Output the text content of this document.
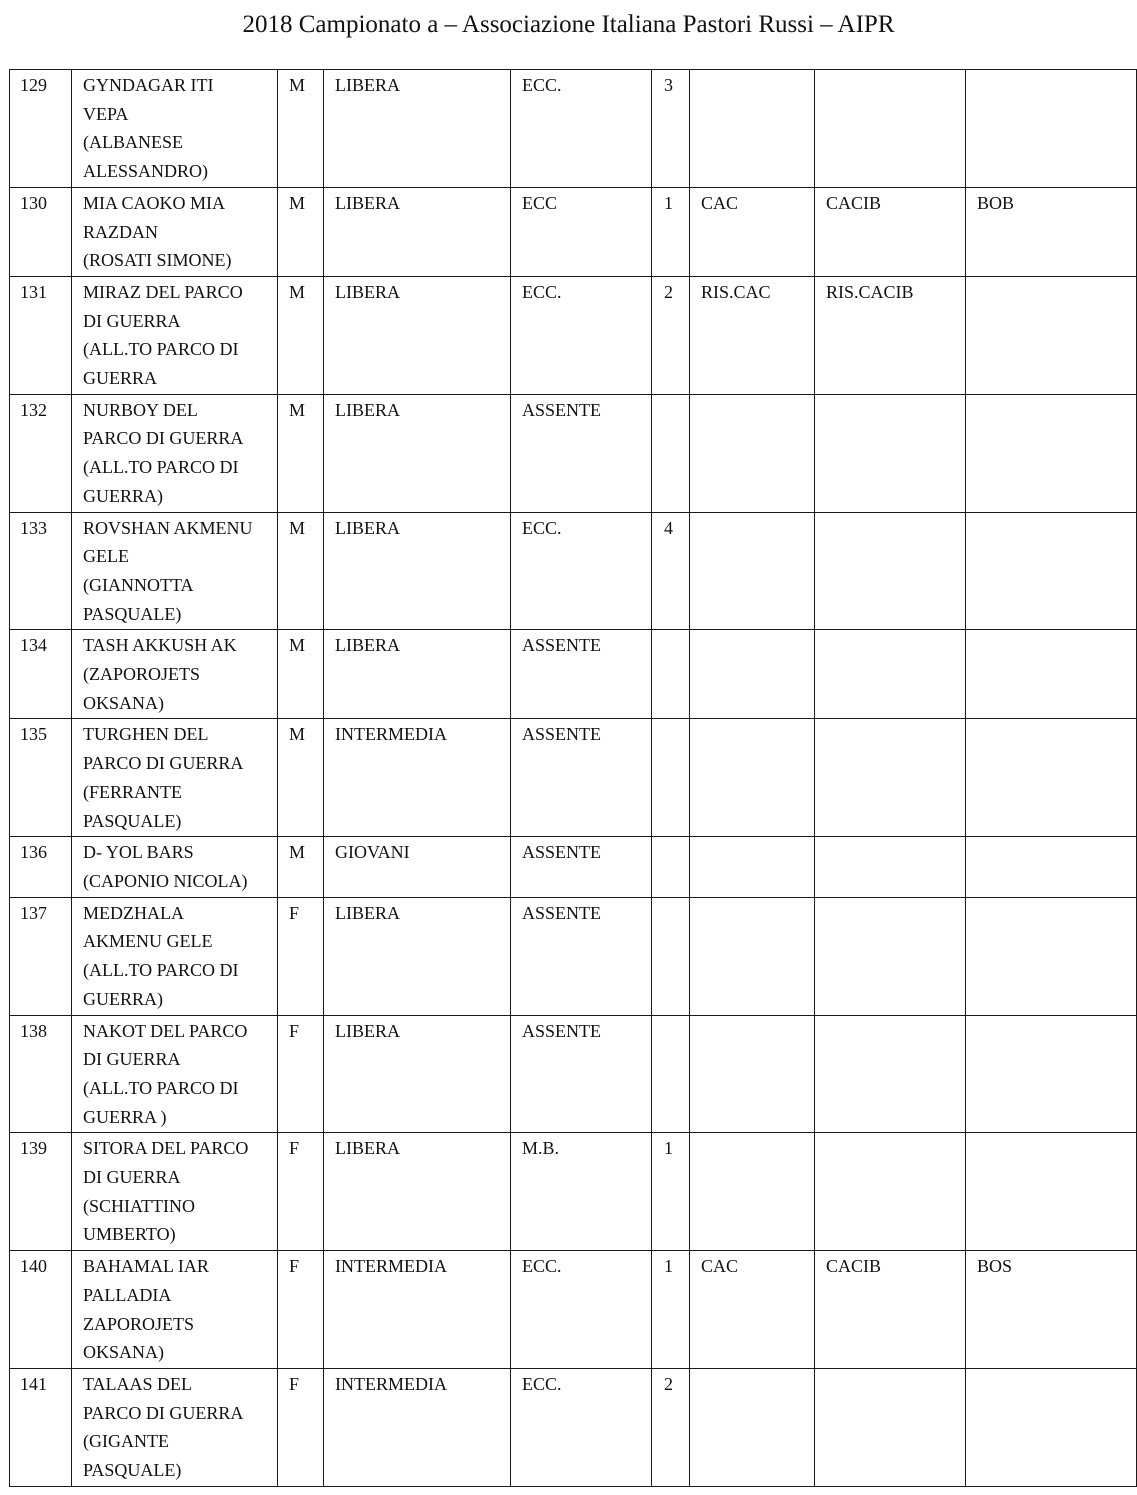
2018 Campionato a – Associazione Italiana Pastori Russi – AIPR
129	GYNDAGAR ITI
VEPA
(ALBANESE
ALESSANDRO)	M	LIBERA	ECC.	3			
130	MIA CAOKO MIA
RAZDAN
(ROSATI SIMONE)	M	LIBERA	ECC	1	CAC	CACIB	BOB
131	MIRAZ DEL PARCO
DI GUERRA
(ALL.TO PARCO DI
GUERRA	M	LIBERA	ECC.	2	RIS.CAC	RIS.CACIB	
132	NURBOY DEL
PARCO DI GUERRA
(ALL.TO PARCO DI
GUERRA)	M	LIBERA	ASSENTE				
133	ROVSHAN AKMENU
GELE
(GIANNOTTA
PASQUALE)	M	LIBERA	ECC.	4			
134	TASH AKKUSH AK
(ZAPOROJETS
OKSANA)	M	LIBERA	ASSENTE				
135	TURGHEN DEL
PARCO DI GUERRA
(FERRANTE
PASQUALE)	M	INTERMEDIA	ASSENTE				
136	D- YOL BARS
(CAPONIO NICOLA)	M	GIOVANI	ASSENTE				
137	MEDZHALA
AKMENU GELE
(ALL.TO PARCO DI
GUERRA)	F	LIBERA	ASSENTE				
138	NAKOT DEL PARCO
DI GUERRA
(ALL.TO PARCO DI
GUERRA )	F	LIBERA	ASSENTE				
139	SITORA DEL PARCO
DI GUERRA
(SCHIATTINO
UMBERTO)	F	LIBERA	M.B.	1			
140	BAHAMAL IAR
PALLADIA
ZAPOROJETS
OKSANA)	F	INTERMEDIA	ECC.	1	CAC	CACIB	BOS
141	TALAAS DEL
PARCO DI GUERRA
(GIGANTE
PASQUALE)	F	INTERMEDIA	ECC.	2			
